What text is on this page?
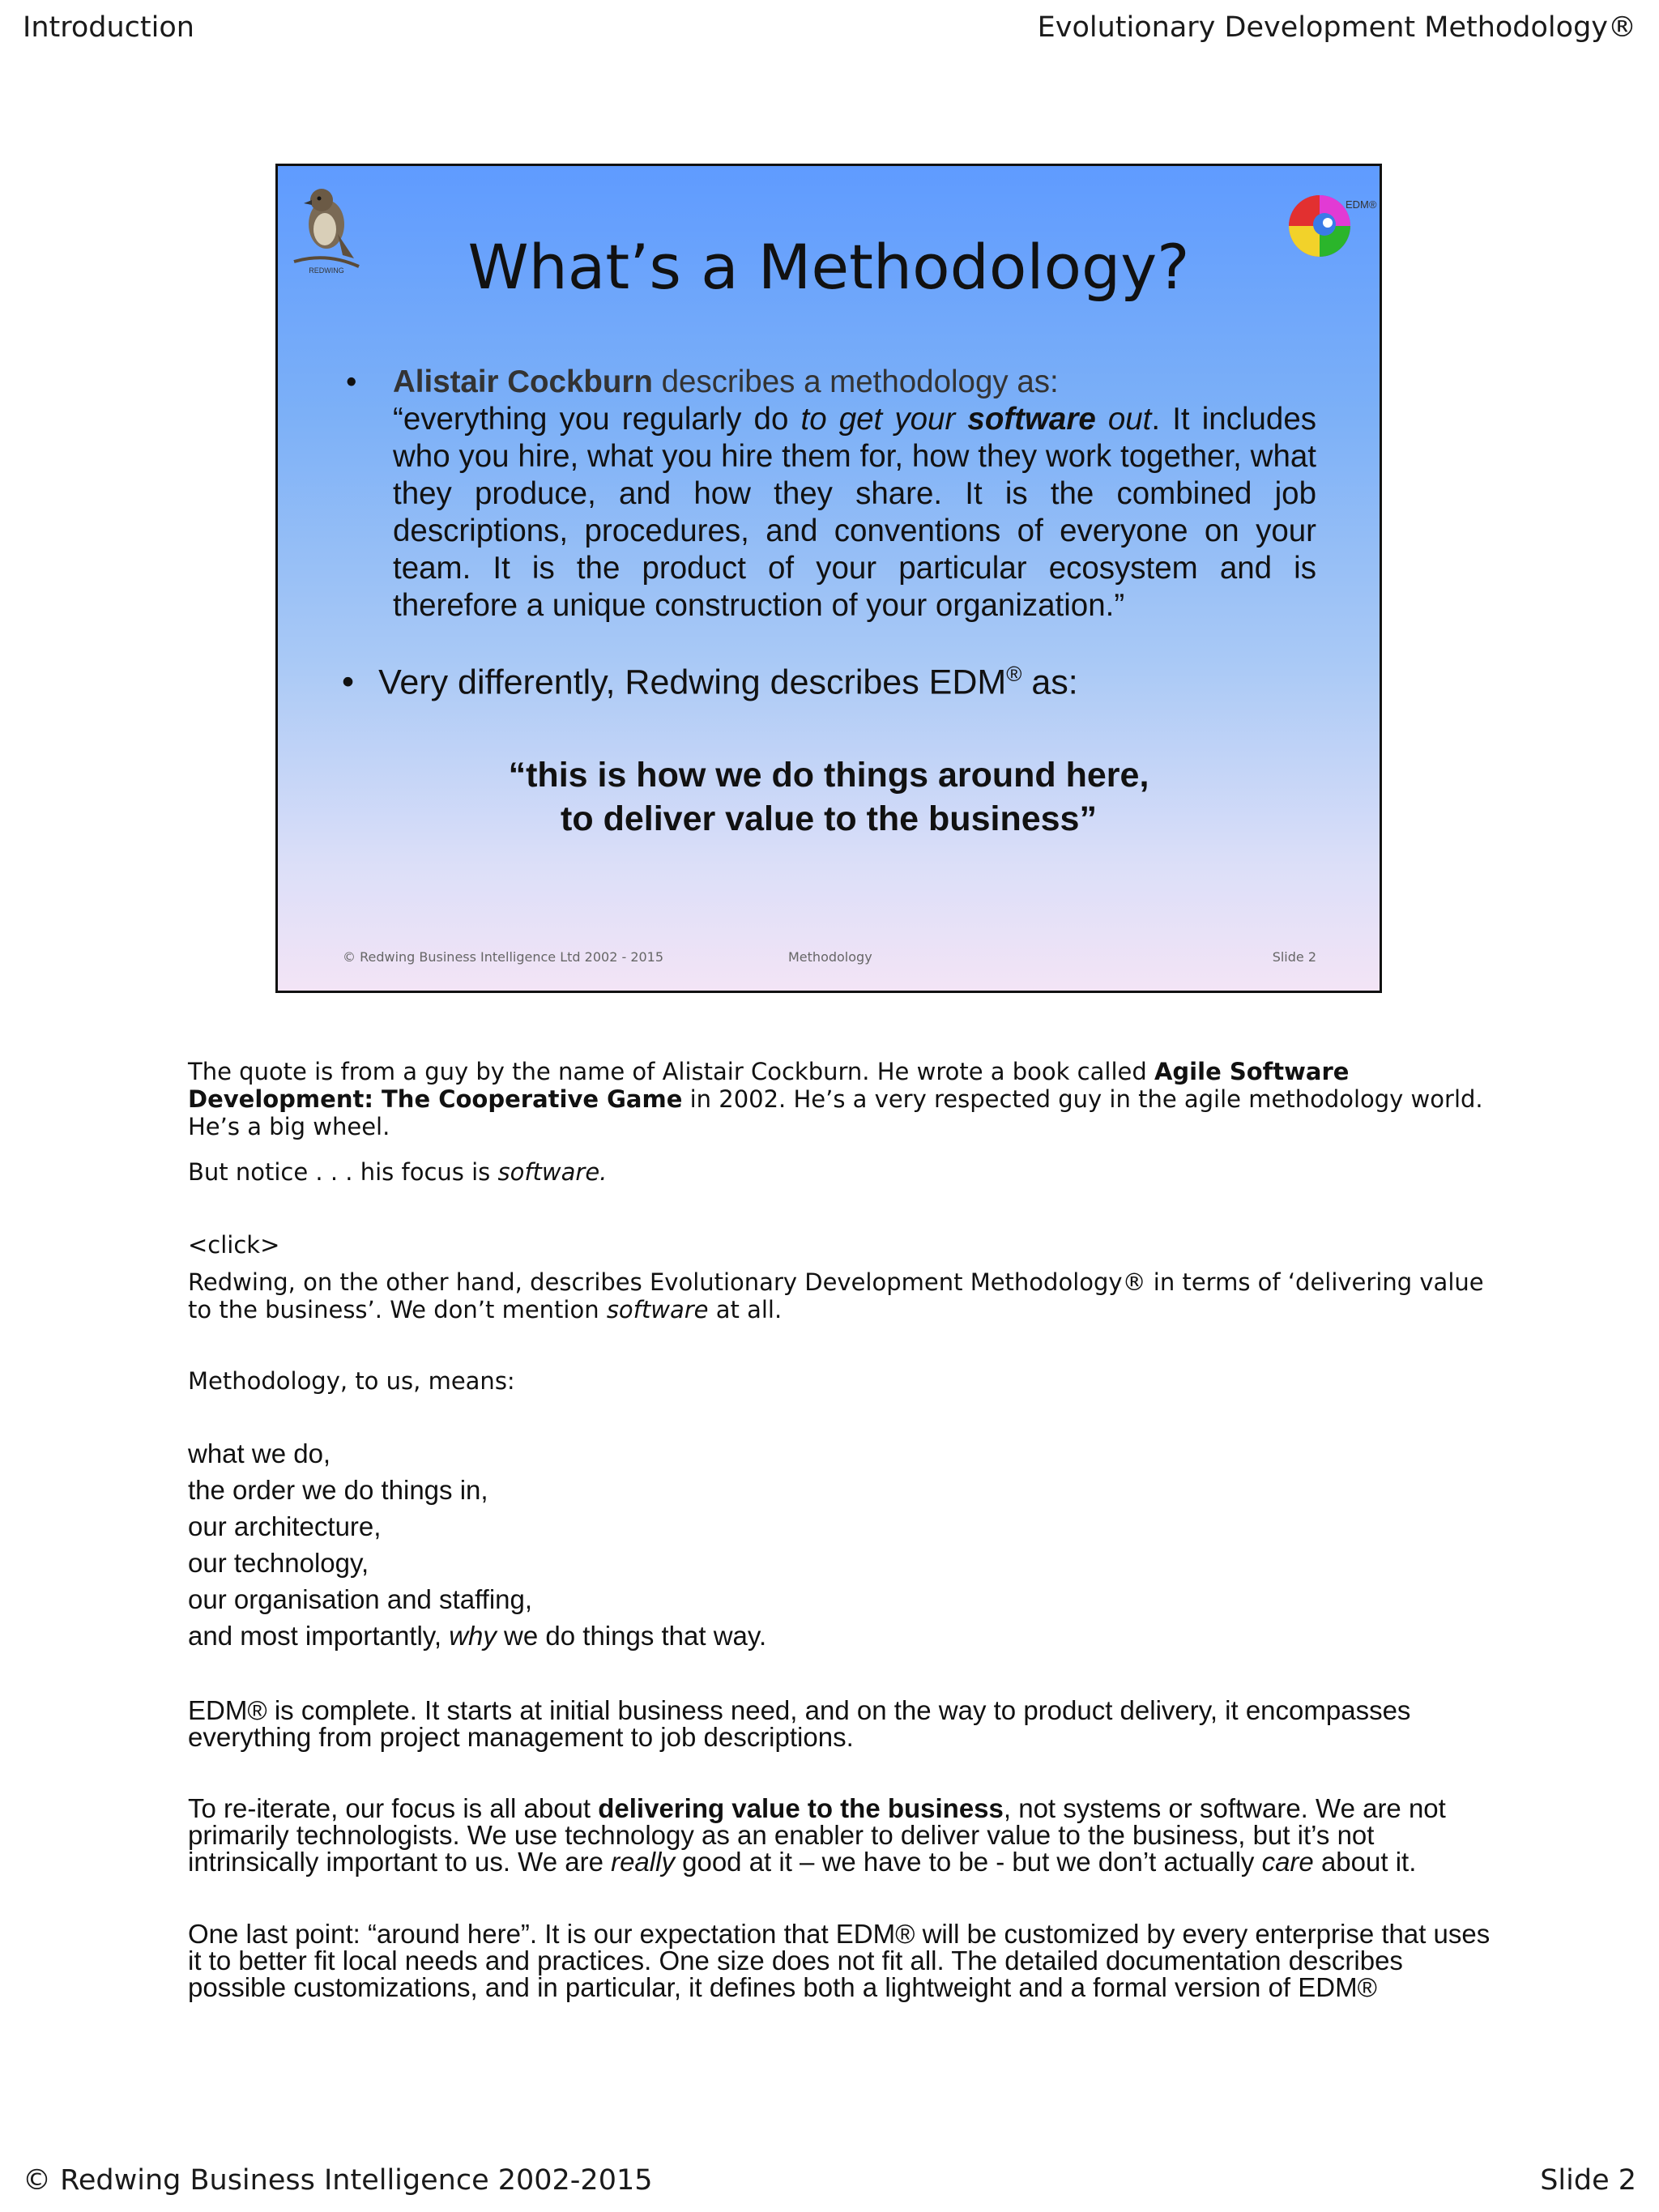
Introduction	Evolutionary Development Methodology®
REDWING
EDM®
What’s a Methodology?
• Alistair Cockburn describes a methodology as:
“everything you regularly do to get your software out. It includes who you hire, what you hire them for, how they work together, what they produce, and how they share. It is the combined job descriptions, procedures, and conventions of everyone on your team. It is the product of your particular ecosystem and is therefore a unique construction of your organization.”
• Very differently, Redwing describes EDM® as:
“this is how we do things around here,
to deliver value to the business”
© Redwing Business Intelligence Ltd 2002 - 2015	Methodology	Slide 2
The quote is from a guy by the name of Alistair Cockburn. He wrote a book called Agile Software Development: The Cooperative Game in 2002. He’s a very respected guy in the agile methodology world. He’s a big wheel.
But notice . . . his focus is software.
<click>
Redwing, on the other hand, describes Evolutionary Development Methodology® in terms of ‘delivering value to the business’. We don’t mention software at all.
Methodology, to us, means:
what we do,
the order we do things in,
our architecture,
our technology,
our organisation and staffing,
and most importantly, why we do things that way.
EDM® is complete. It starts at initial business need, and on the way to product delivery, it encompasses everything from project management to job descriptions.
To re-iterate, our focus is all about delivering value to the business, not systems or software. We are not primarily technologists. We use technology as an enabler to deliver value to the business, but it’s not intrinsically important to us. We are really good at it – we have to be - but we don’t actually care about it.
One last point: “around here”. It is our expectation that EDM® will be customized by every enterprise that uses it to better fit local needs and practices. One size does not fit all. The detailed documentation describes possible customizations, and in particular, it defines both a lightweight and a formal version of EDM®
© Redwing Business Intelligence 2002-2015	Slide 2
